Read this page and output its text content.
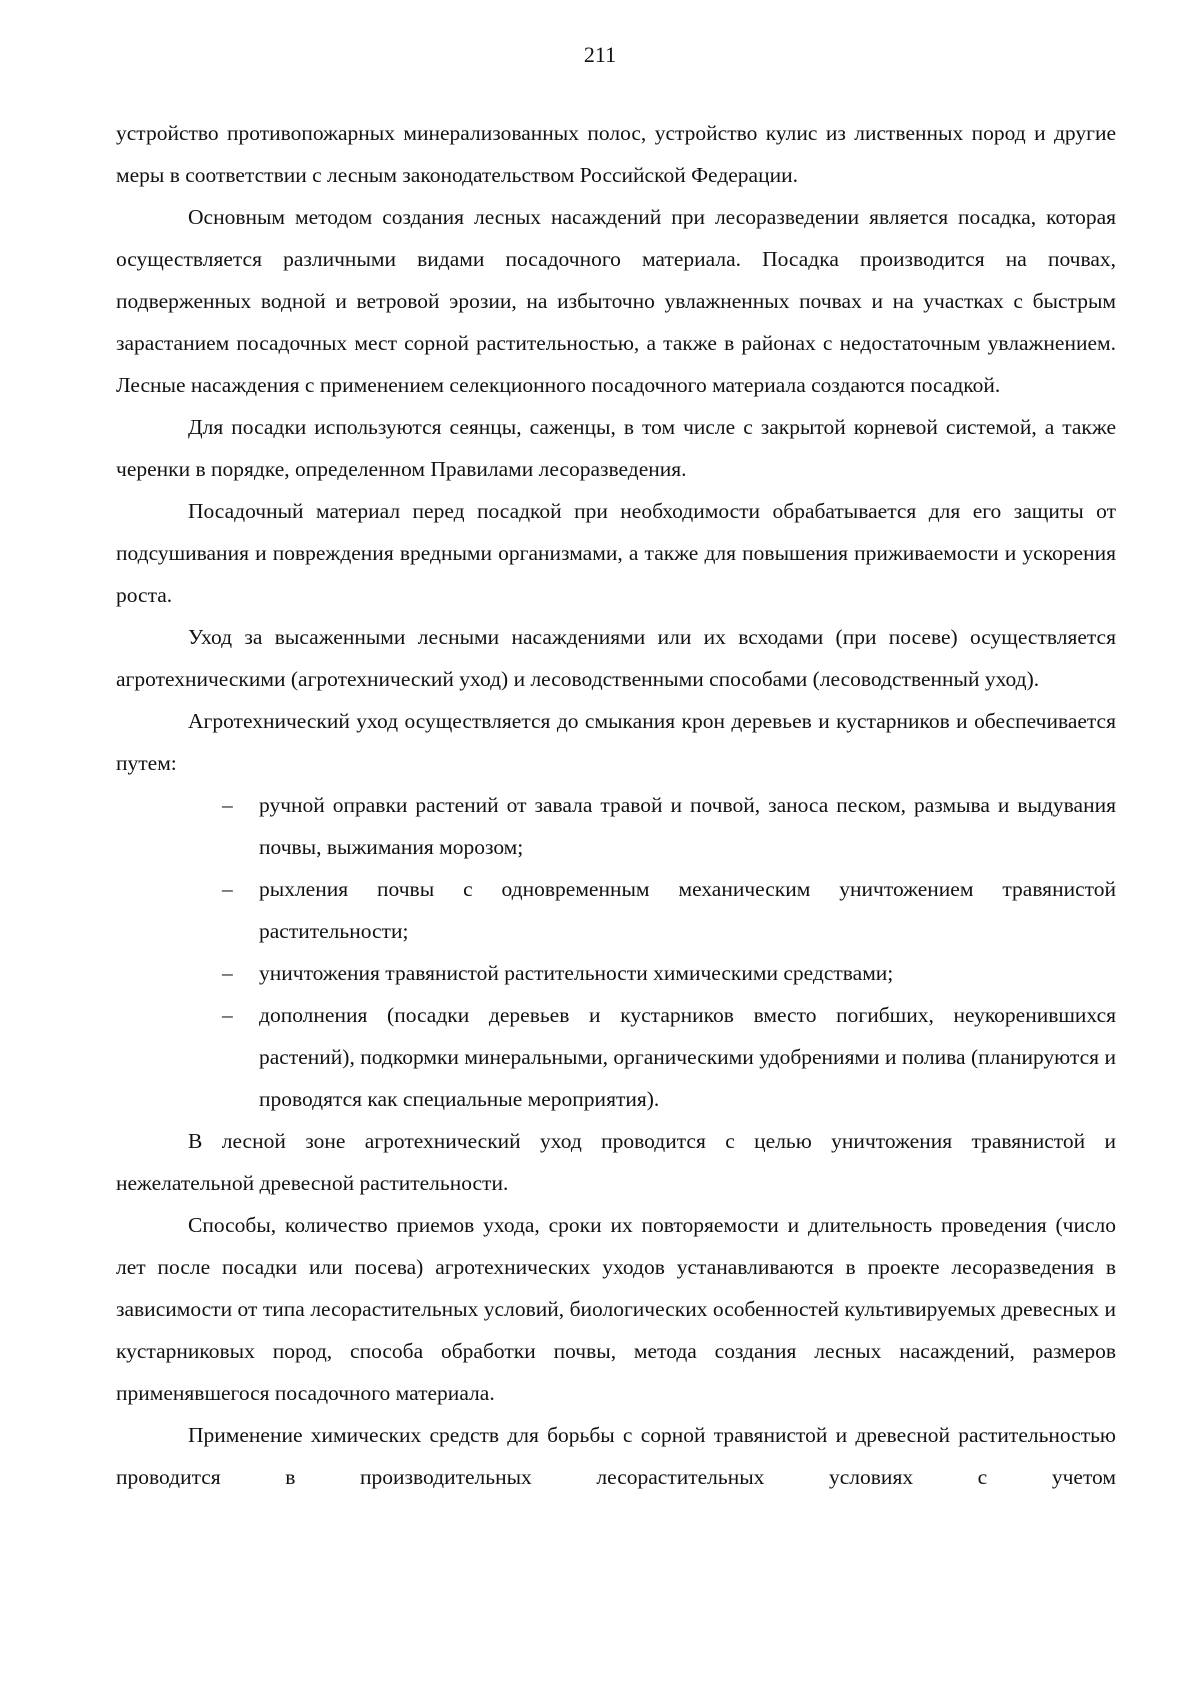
211

устройство противопожарных минерализованных полос, устройство кулис из лиственных пород и другие меры в соответствии с лесным законодательством Российской Федерации.

Основным методом создания лесных насаждений при лесоразведении является посадка, которая осуществляется различными видами посадочного материала. Посадка производится на почвах, подверженных водной и ветровой эрозии, на избыточно увлажненных почвах и на участках с быстрым зарастанием посадочных мест сорной растительностью, а также в районах с недостаточным увлажнением. Лесные насаждения с применением селекционного посадочного материала создаются посадкой.

Для посадки используются сеянцы, саженцы, в том числе с закрытой корневой системой, а также черенки в порядке, определенном Правилами лесоразведения.

Посадочный материал перед посадкой при необходимости обрабатывается для его защиты от подсушивания и повреждения вредными организмами, а также для повышения приживаемости и ускорения роста.

Уход за высаженными лесными насаждениями или их всходами (при посеве) осуществляется агротехническими (агротехнический уход) и лесоводственными способами (лесоводственный уход).

Агротехнический уход осуществляется до смыкания крон деревьев и кустарников и обеспечивается путем:

– ручной оправки растений от завала травой и почвой, заноса песком, размыва и выдувания почвы, выжимания морозом;
– рыхления почвы с одновременным механическим уничтожением травянистой растительности;
– уничтожения травянистой растительности химическими средствами;
– дополнения (посадки деревьев и кустарников вместо погибших, неукоренившихся растений), подкормки минеральными, органическими удобрениями и полива (планируются и проводятся как специальные мероприятия).

В лесной зоне агротехнический уход проводится с целью уничтожения травянистой и нежелательной древесной растительности.

Способы, количество приемов ухода, сроки их повторяемости и длительность проведения (число лет после посадки или посева) агротехнических уходов устанавливаются в проекте лесоразведения в зависимости от типа лесорастительных условий, биологических особенностей культивируемых древесных и кустарниковых пород, способа обработки почвы, метода создания лесных насаждений, размеров применявшегося посадочного материала.

Применение химических средств для борьбы с сорной травянистой и древесной растительностью проводится в производительных лесорастительных условиях с учетом
